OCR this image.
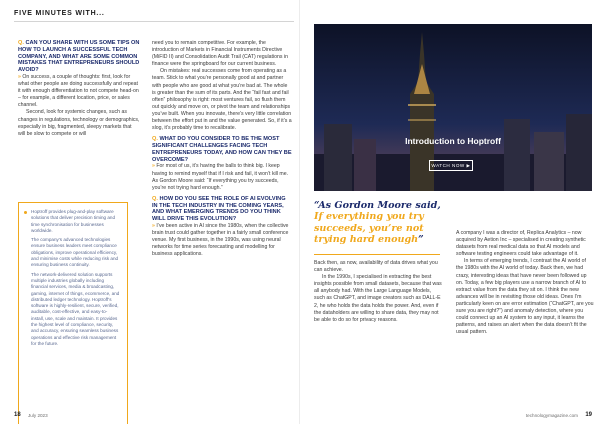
FIVE MINUTES WITH...

Q. CAN YOU SHARE WITH US SOME TIPS ON HOW TO LAUNCH A SUCCESSFUL TECH COMPANY, AND WHAT ARE SOME COMMON MISTAKES THAT ENTREPRENEURS SHOULD AVOID?

» On success, a couple of thoughts: first, look for what other people are doing successfully and repeat it with enough differentiation to not compete head-on – for example, a different location, price, or sales channel.

Second, look for systemic changes, such as changes in regulations, technology or demographics, especially in big, fragmented, sleepy markets that will be slow to compete or will

Hoptroff provides plug-and-play software solutions that deliver precision timing and time synchronisation for businesses worldwide.

The company’s advanced technologies ensure business leaders meet compliance obligations, improve operational efficiency, and minimise costs while reducing risk and ensuring business continuity.

The network-delivered solution supports multiple industries globally including financial services, media & broadcasting, gaming, internet of things, ecommerce, and distributed ledger technology. Hoptroff’s software is highly-resilient, secure, verified, auditable, cost-effective, and easy-to-install, use, scale and maintain. It provides the highest level of compliance, security, and accuracy, ensuring seamless business operations and effective risk management for the future.

need you to remain competitive. For example, the introduction of Markets in Financial Instruments Directive (MiFID II) and Consolidation Audit Trail (CAT) regulations in finance were the springboard for our current business.

On mistakes: real successes come from operating as a team. Stick to what you’re personally good at and partner with people who are good at what you’re bad at. The whole is greater than the sum of its parts. And the “fail fast and fail often” philosophy is right: most ventures fail, so flush them out quickly and move on, or pivot the team and relationships you’ve built. When you innovate, there’s very little correlation between the effort put in and the value generated. So, if it’s a slog, it’s probably time to recalibrate.

Q. WHAT DO YOU CONSIDER TO BE THE MOST SIGNIFICANT CHALLENGES FACING TECH ENTREPRENEURS TODAY, AND HOW CAN THEY BE OVERCOME?

» For most of us, it’s having the balls to think big. I keep having to remind myself that if I risk and fail, it won’t kill me. As Gordon Moore said: “If everything you try succeeds, you’re not trying hard enough.”

Q. HOW DO YOU SEE THE ROLE OF AI EVOLVING IN THE TECH INDUSTRY IN THE COMING YEARS, AND WHAT EMERGING TRENDS DO YOU THINK WILL DRIVE THIS EVOLUTION?

» I’ve been active in AI since the 1980s, when the collective brain trust could gather together in a fairly small conference venue. My first business, in the 1990s, was using neural networks for time series forecasting and modelling for business applications.

18 July 2023
Introduction to Hoptroff
WATCH NOW ▶
“As Gordon Moore said, If everything you try succeeds, you’re not trying hard enough”

Back then, as now, availability of data drives what you can achieve.

In the 1990s, I specialised in extracting the best insights possible from small datasets, because that was all anybody had. With the Large Language Models, such as ChatGPT, and image creators such as DALL-E 2, he who holds the data holds the power. And, even if the dataholders are willing to share data, they may not be able to do so for privacy reasons.

A company I was a director of, Replica Analytics – now acquired by Aetion Inc – specialised in creating synthetic datasets from real medical data so that AI models and software testing engineers could take advantage of it.

In terms of emerging trends, I contrast the AI world of the 1980s with the AI world of today. Back then, we had crazy, interesting ideas that have never been followed up on. Today, a few big players use a narrow branch of AI to extract value from the data they sit on. I think the new advances will be in revisiting those old ideas. Ones I’m particularly keen on are error estimation (“ChatGPT, are you sure you are right?”) and anomaly detection, where you could connect up an AI system to any input, it learns the patterns, and raises an alert when the data doesn’t fit the usual pattern.

technologymagazine.com 19
